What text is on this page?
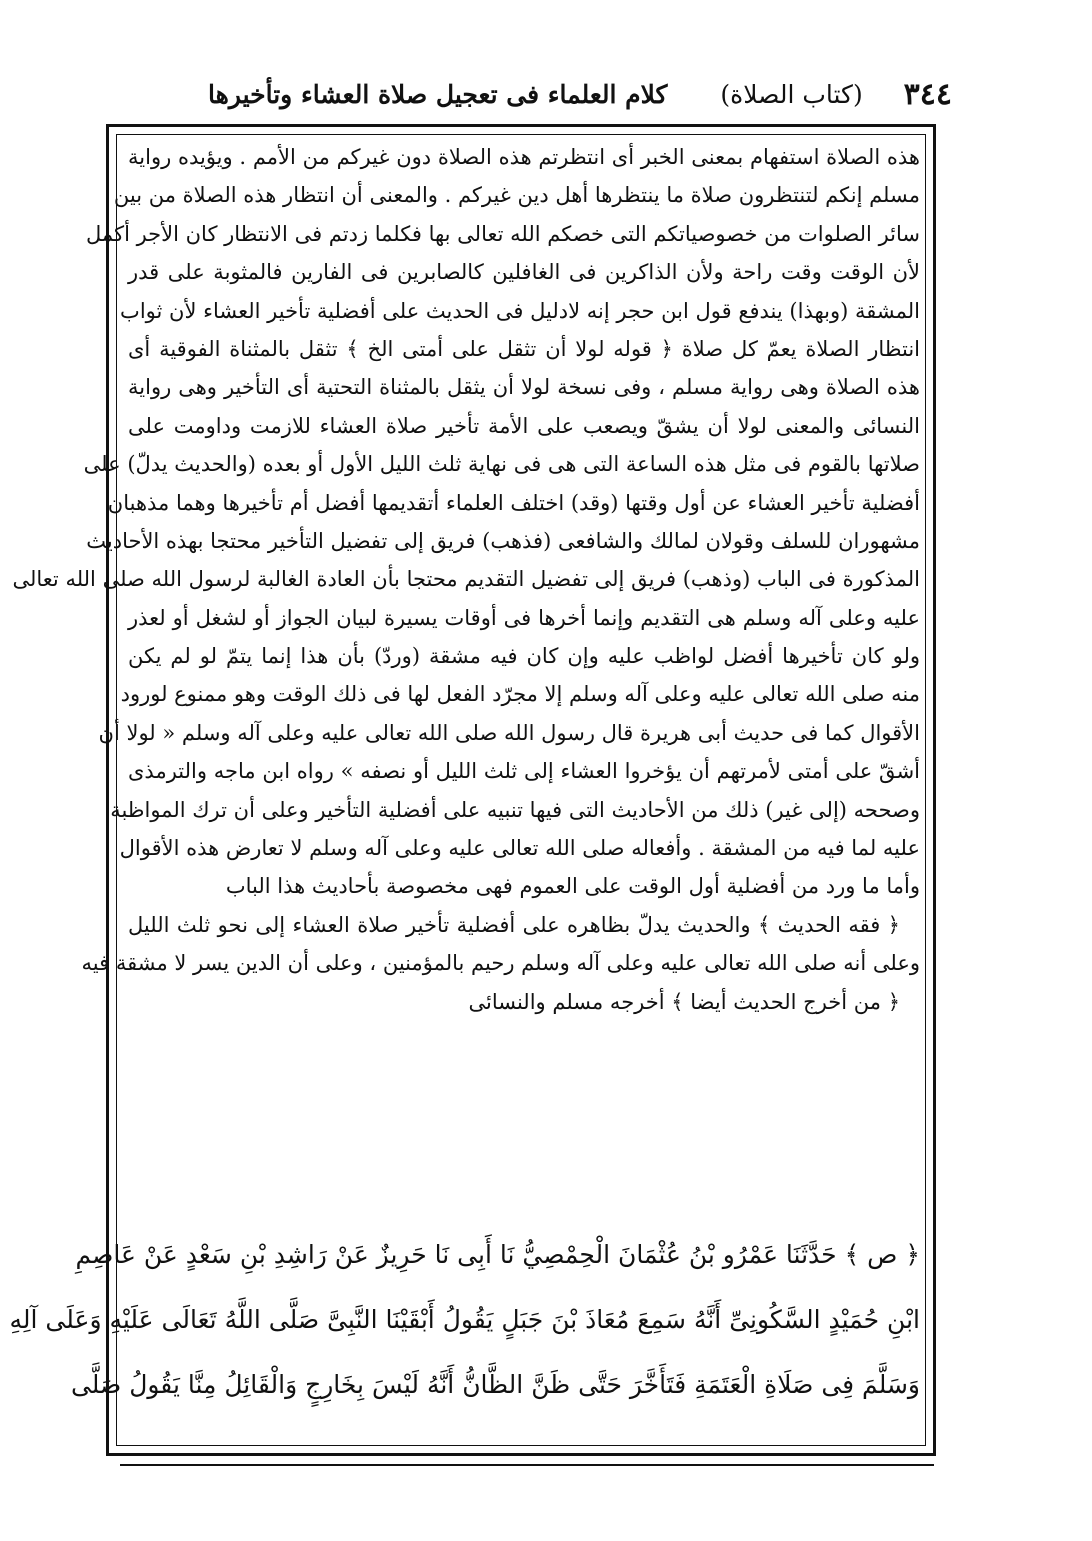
٣٤٤
(كتاب الصلاة)
كلام العلماء فى تعجيل صلاة العشاء وتأخيرها
هذه الصلاة استفهام بمعنى الخبر أى انتظرتم هذه الصلاة دون غيركم من الأمم . ويؤيده رواية
مسلم إنكم لتنتظرون صلاة ما ينتظرها أهل دين غيركم . والمعنى أن انتظار هذه الصلاة من بين
سائر الصلوات من خصوصياتكم التى خصكم الله تعالى بها فكلما زدتم فى الانتظار كان الأجر أكمل
لأن الوقت وقت راحة ولأن الذاكرين فى الغافلين كالصابرين فى الفارين فالمثوبة على قدر
المشقة (وبهذا) يندفع قول ابن حجر إنه لادليل فى الحديث على أفضلية تأخير العشاء لأن ثواب
انتظار الصلاة يعمّ كل صلاة ﴿ قوله لولا أن تثقل على أمتى الخ ﴾ تثقل بالمثناة الفوقية أى
هذه الصلاة وهى رواية مسلم ، وفى نسخة لولا أن يثقل بالمثناة التحتية أى التأخير وهى رواية
النسائى والمعنى لولا أن يشقّ ويصعب على الأمة تأخير صلاة العشاء للازمت وداومت على
صلاتها بالقوم فى مثل هذه الساعة التى هى فى نهاية ثلث الليل الأول أو بعده (والحديث يدلّ) على
أفضلية تأخير العشاء عن أول وقتها (وقد) اختلف العلماء أتقديمها أفضل أم تأخيرها وهما مذهبان
مشهوران للسلف وقولان لمالك والشافعى (فذهب) فريق إلى تفضيل التأخير محتجا بهذه الأحاديث
المذكورة فى الباب (وذهب) فريق إلى تفضيل التقديم محتجا بأن العادة الغالبة لرسول الله صلى الله تعالى
عليه وعلى آله وسلم هى التقديم وإنما أخرها فى أوقات يسيرة لبيان الجواز أو لشغل أو لعذر
ولو كان تأخيرها أفضل لواظب عليه وإن كان فيه مشقة (وردّ) بأن هذا إنما يتمّ لو لم يكن
منه صلى الله تعالى عليه وعلى آله وسلم إلا مجرّد الفعل لها فى ذلك الوقت وهو ممنوع لورود
الأقوال كما فى حديث أبى هريرة قال رسول الله صلى الله تعالى عليه وعلى آله وسلم « لولا أن
أشقّ على أمتى لأمرتهم أن يؤخروا العشاء إلى ثلث الليل أو نصفه » رواه ابن ماجه والترمذى
وصححه (إلى غير) ذلك من الأحاديث التى فيها تنبيه على أفضلية التأخير وعلى أن ترك المواظبة
عليه لما فيه من المشقة . وأفعاله صلى الله تعالى عليه وعلى آله وسلم لا تعارض هذه الأقوال
وأما ما ورد من أفضلية أول الوقت على العموم فهى مخصوصة بأحاديث هذا الباب
﴿ فقه الحديث ﴾ والحديث يدلّ بظاهره على أفضلية تأخير صلاة العشاء إلى نحو ثلث الليل
وعلى أنه صلى الله تعالى عليه وعلى آله وسلم رحيم بالمؤمنين ، وعلى أن الدين يسر لا مشقة فيه
﴿ من أخرج الحديث أيضا ﴾ أخرجه مسلم والنسائى
﴿ ص ﴾ حَدَّثَنَا عَمْرُو بْنُ عُثْمَانَ الْحِمْصِيُّ نَا أَبِى نَا حَرِيزٌ عَنْ رَاشِدِ بْنِ سَعْدٍ عَنْ عَاصِمِ
ابْنِ حُمَيْدٍ السَّكُونِىِّ أَنَّهُ سَمِعَ مُعَاذَ بْنَ جَبَلٍ يَقُولُ أَبْقَيْنَا النَّبِىَّ صَلَّى اللَّهُ تَعَالَى عَلَيْهِ وَعَلَى آلِهِ
وَسَلَّمَ فِى صَلَاةِ الْعَتَمَةِ فَتَأَخَّرَ حَتَّى ظَنَّ الظَّانُّ أَنَّهُ لَيْسَ بِخَارِجٍ وَالْقَائِلُ مِنَّا يَقُولُ صَلَّى
